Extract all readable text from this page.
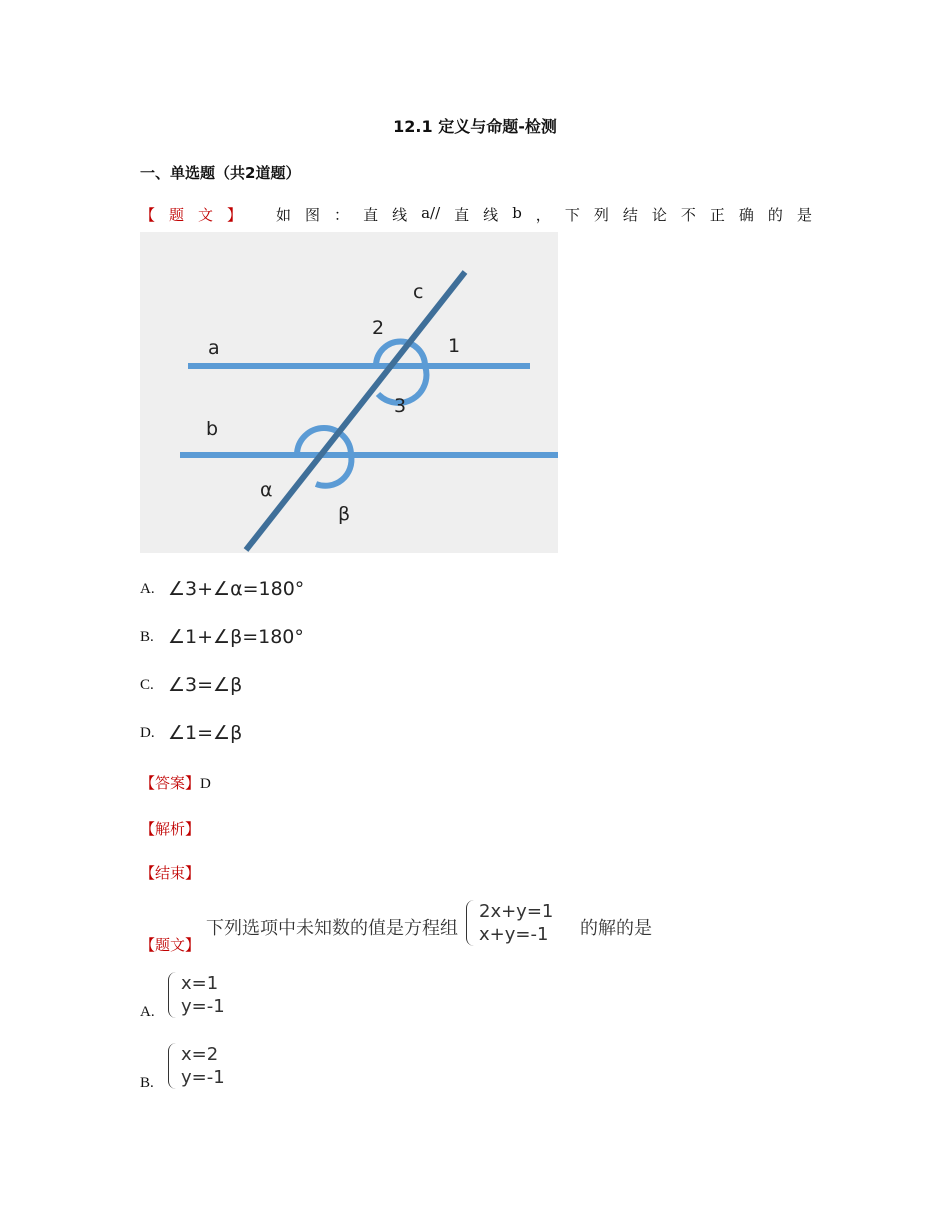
12.1 定义与命题-检测
一、单选题（共2道题）
【题文】 如 图 ： 直 线 a// 直 线 b ， 下 列 结 论 不 正 确 的 是
c
2
1
a
3
b
α
β
A. ∠3+∠α=180°
B. ∠1+∠β=180°
C. ∠3=∠β
D. ∠1=∠β
【答案】D
【解析】
【结束】
【题文】
下列选项中未知数的值是方程组
2x+y=1
x+y=-1 的解的是
A.
x=1
y=-1
B.
x=2
y=-1
